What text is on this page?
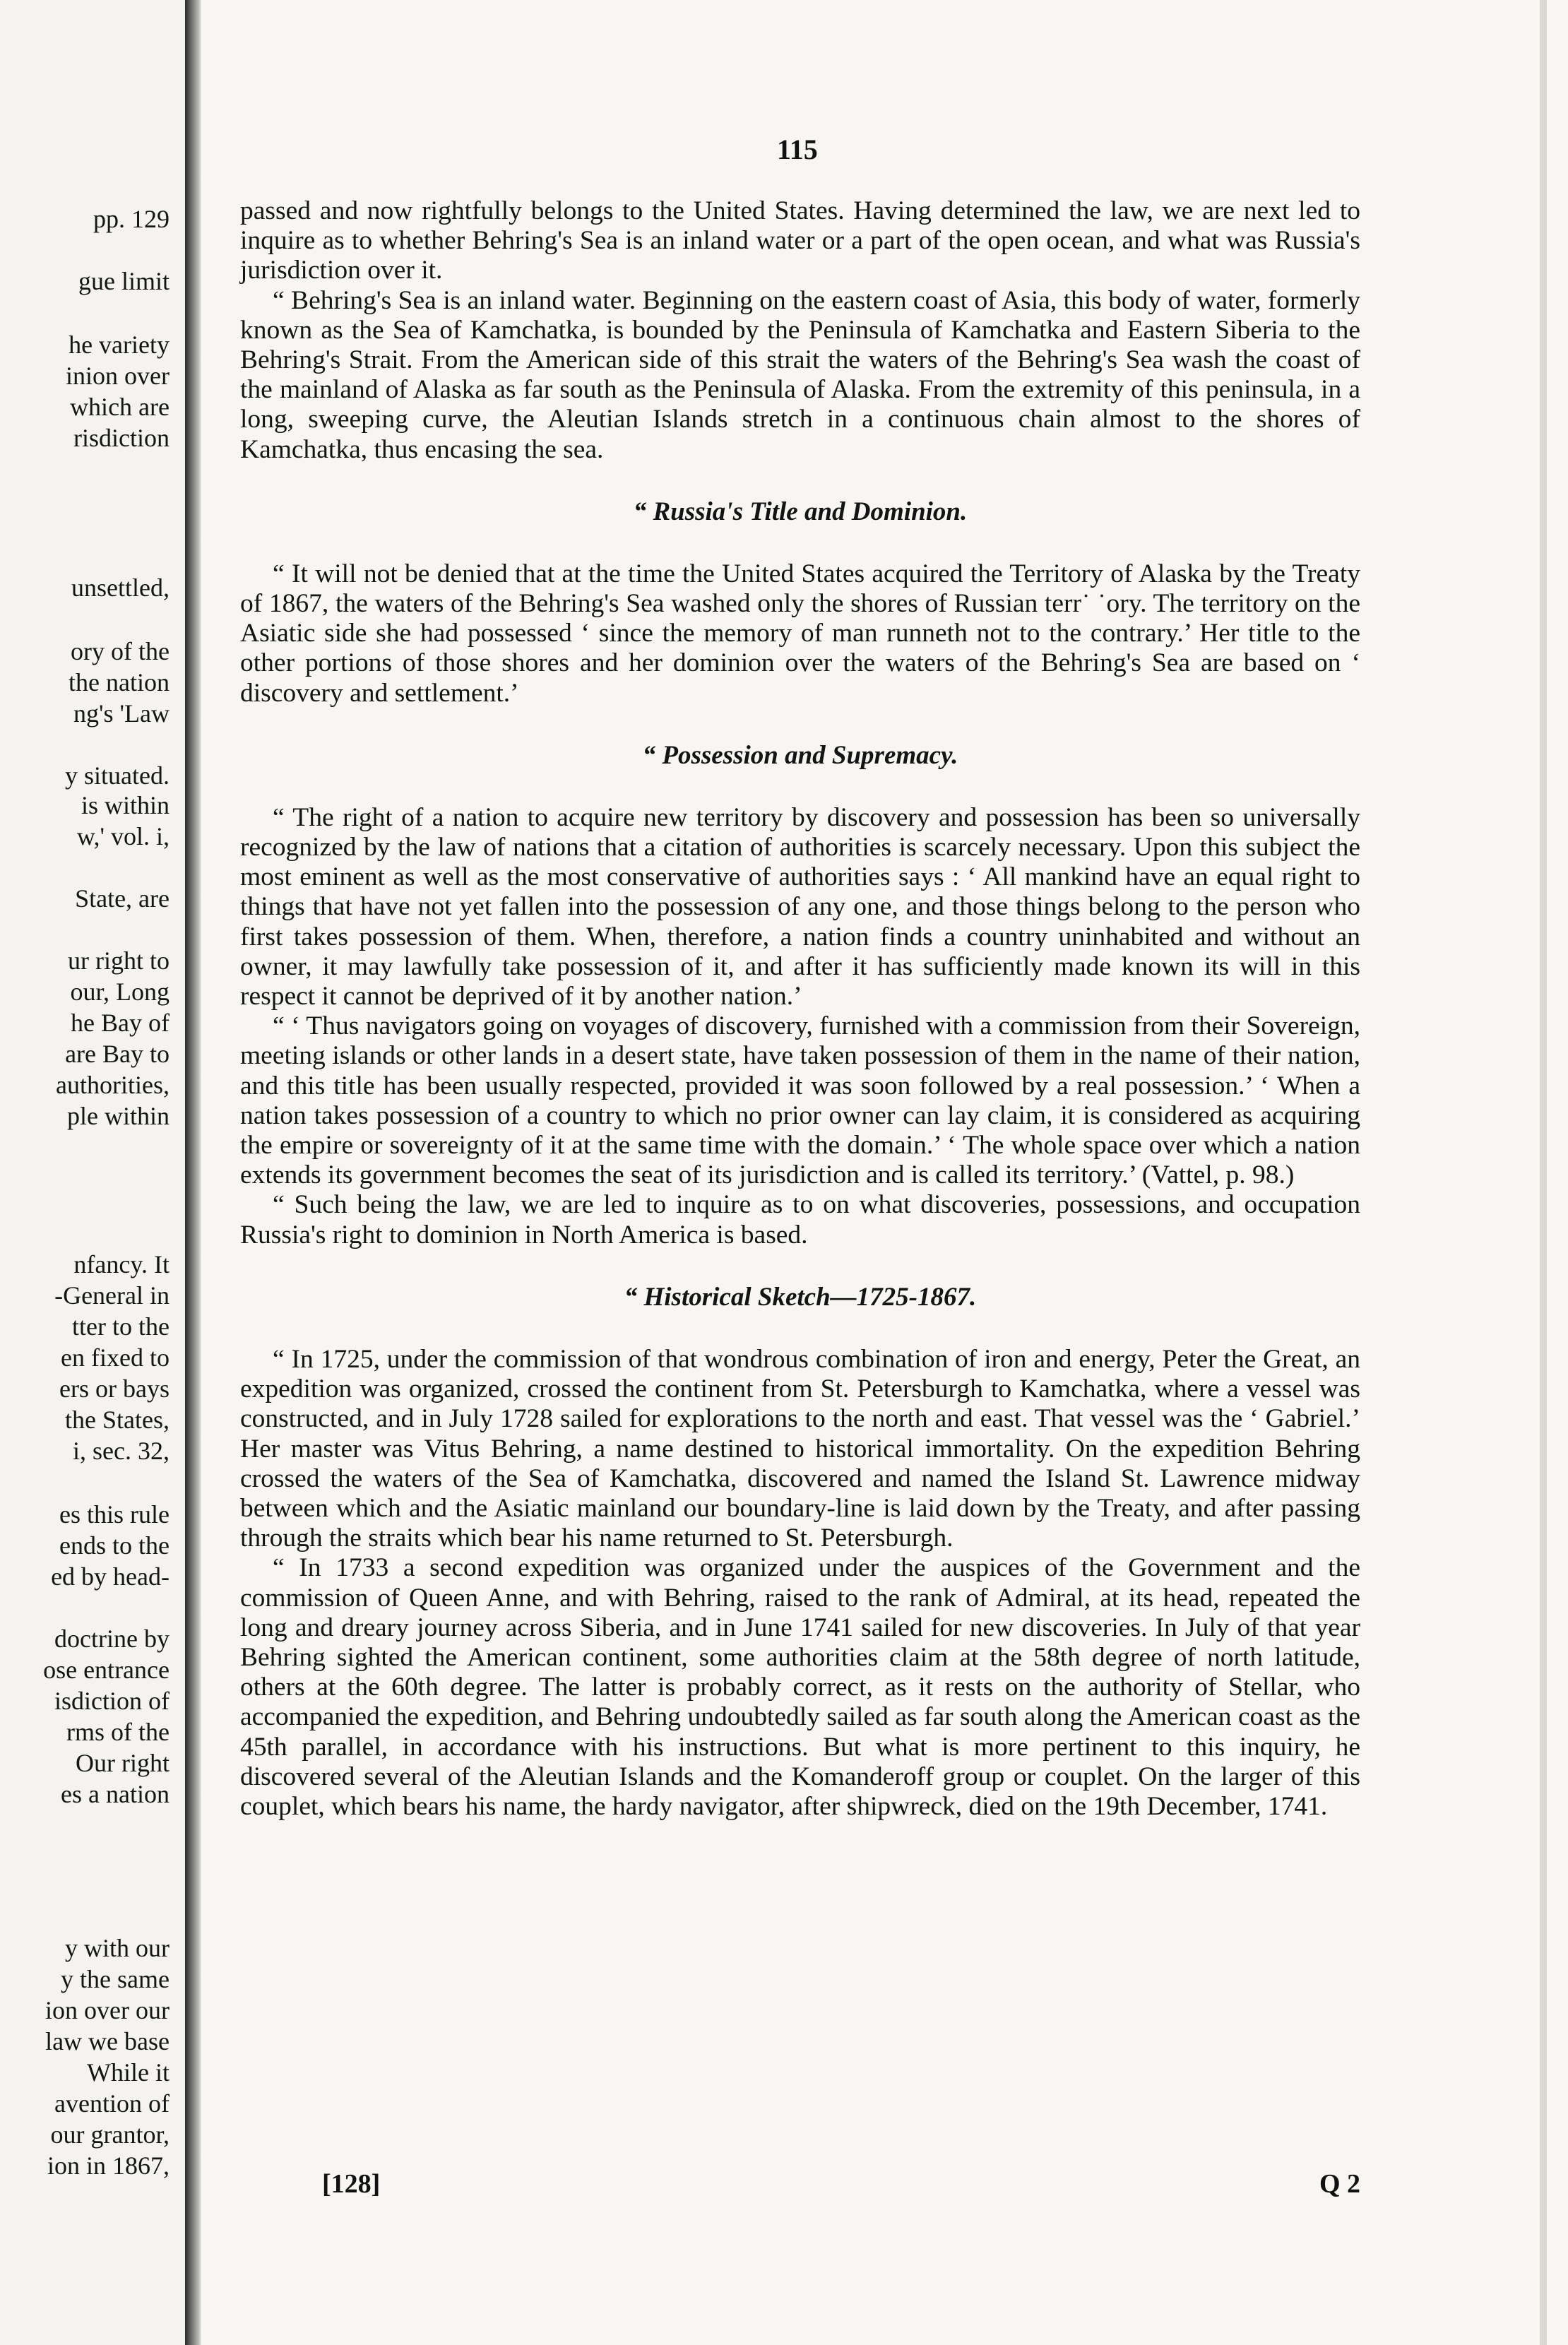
pp. 129
gue limit
he variety
inion over
which are
risdiction
unsettled,
ory of the
the nation
ng's 'Law
y situated.
is within
w,' vol. i,
State, are
ur right to
our, Long
he Bay of
are Bay to
authorities,
ple within
nfancy. It
-General in
tter to the
en fixed to
ers or bays
the States,
i, sec. 32,
es this rule
ends to the
ed by head-
doctrine by
ose entrance
isdiction of
rms of the
Our right
es a nation
y with our
y the same
ion over our
law we base
While it
avention of
our grantor,
ion in 1867,
115

passed and now rightfully belongs to the United States. Having determined the law, we are next led to inquire as to whether Behring's Sea is an inland water or a part of the open ocean, and what was Russia's jurisdiction over it.

“ Behring's Sea is an inland water. Beginning on the eastern coast of Asia, this body of water, formerly known as the Sea of Kamchatka, is bounded by the Peninsula of Kamchatka and Eastern Siberia to the Behring's Strait. From the American side of this strait the waters of the Behring's Sea wash the coast of the mainland of Alaska as far south as the Peninsula of Alaska. From the extremity of this peninsula, in a long, sweeping curve, the Aleutian Islands stretch in a continuous chain almost to the shores of Kamchatka, thus encasing the sea.

“ Russia's Title and Dominion.

“ It will not be denied that at the time the United States acquired the Territory of Alaska by the Treaty of 1867, the waters of the Behring's Sea washed only the shores of Russian terr˙ ˙ory. The territory on the Asiatic side she had possessed ‘ since the memory of man runneth not to the contrary.’ Her title to the other portions of those shores and her dominion over the waters of the Behring's Sea are based on ‘ discovery and settlement.’

“ Possession and Supremacy.

“ The right of a nation to acquire new territory by discovery and possession has been so universally recognized by the law of nations that a citation of authorities is scarcely necessary. Upon this subject the most eminent as well as the most conservative of authorities says : ‘ All mankind have an equal right to things that have not yet fallen into the possession of any one, and those things belong to the person who first takes possession of them. When, therefore, a nation finds a country uninhabited and without an owner, it may lawfully take possession of it, and after it has sufficiently made known its will in this respect it cannot be deprived of it by another nation.’

“ ‘ Thus navigators going on voyages of discovery, furnished with a commission from their Sovereign, meeting islands or other lands in a desert state, have taken possession of them in the name of their nation, and this title has been usually respected, provided it was soon followed by a real possession.’ ‘ When a nation takes possession of a country to which no prior owner can lay claim, it is considered as acquiring the empire or sovereignty of it at the same time with the domain.’ ‘ The whole space over which a nation extends its government becomes the seat of its jurisdiction and is called its territory.’ (Vattel, p. 98.)

“ Such being the law, we are led to inquire as to on what discoveries, possessions, and occupation Russia's right to dominion in North America is based.

“ Historical Sketch—1725-1867.

“ In 1725, under the commission of that wondrous combination of iron and energy, Peter the Great, an expedition was organized, crossed the continent from St. Petersburgh to Kamchatka, where a vessel was constructed, and in July 1728 sailed for explorations to the north and east. That vessel was the ‘ Gabriel.’ Her master was Vitus Behring, a name destined to historical immortality. On the expedition Behring crossed the waters of the Sea of Kamchatka, discovered and named the Island St. Lawrence midway between which and the Asiatic mainland our boundary-line is laid down by the Treaty, and after passing through the straits which bear his name returned to St. Petersburgh.

“ In 1733 a second expedition was organized under the auspices of the Government and the commission of Queen Anne, and with Behring, raised to the rank of Admiral, at its head, repeated the long and dreary journey across Siberia, and in June 1741 sailed for new discoveries. In July of that year Behring sighted the American continent, some authorities claim at the 58th degree of north latitude, others at the 60th degree. The latter is probably correct, as it rests on the authority of Stellar, who accompanied the expedition, and Behring undoubtedly sailed as far south along the American coast as the 45th parallel, in accordance with his instructions. But what is more pertinent to this inquiry, he discovered several of the Aleutian Islands and the Komanderoff group or couplet. On the larger of this couplet, which bears his name, the hardy navigator, after shipwreck, died on the 19th December, 1741.

[128]	Q 2
